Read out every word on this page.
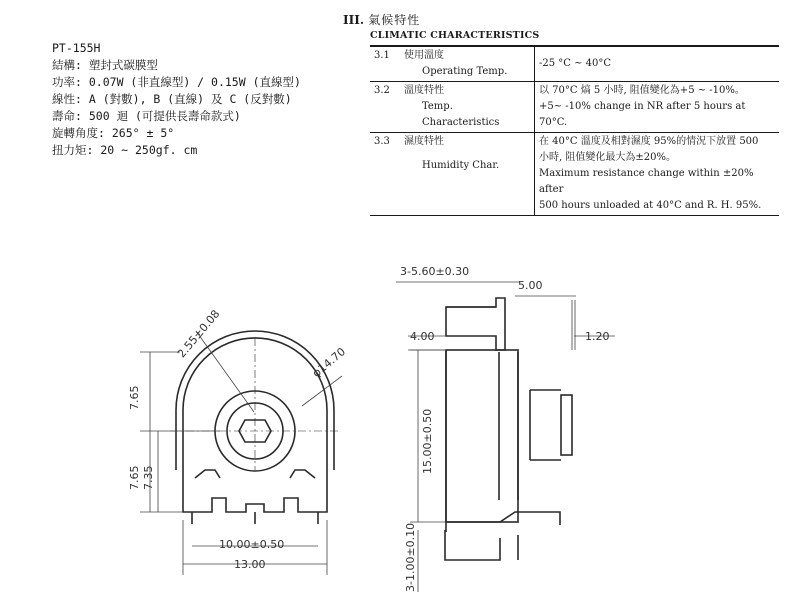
PT-155H
結構: 塑封式碳膜型
功率: 0.07W (非直線型) / 0.15W (直線型)
線性: A (對數), B (直線) 及 C (反對數)
壽命: 500 迴 (可提供長壽命款式)
旋轉角度: 265° ± 5°
扭力矩: 20 ~ 250gf. cm
III. 氣候特性
CLIMATIC CHARACTERISTICS
3.1	使用溫度
Operating Temp.	-25 °C ~ 40°C

3.2	溫度特性
Temp. Characteristics	以 70°C 熇 5 小時, 阻值變化為+5 ~ -10%。
+5~ -10% change in NR after 5 hours at 70°C.

3.3	濕度特性
Humidity Char.	在 40°C 溫度及相對濕度 95%的情況下放置 500
小時, 阻值變化最大為±20%。
Maximum resistance change within ±20% after
500 hours unloaded at 40°C and R. H. 95%.
2.55±0.08
φ14.70
7.65
7.65 7.35
10.00±0.50
13.00
3-5.60±0.30
5.00
4.00	1.20
15.00±0.50
3-1.00±0.10
